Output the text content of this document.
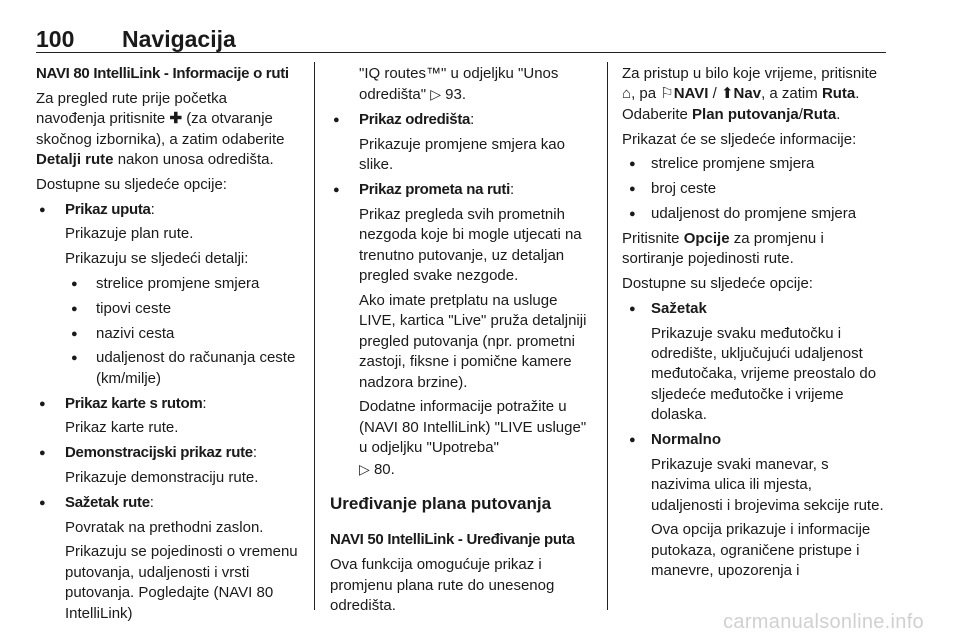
100 Navigacija

NAVI 80 IntelliLink - Informacije o ruti

Za pregled rute prije početka navođenja pritisnite ✚ (za otvaranje skočnog izbornika), a zatim odaberite Detalji rute nakon unosa odredišta.

Dostupne su sljedeće opcije:

● Prikaz uputa:

Prikazuje plan rute.

Prikazuju se sljedeći detalji:

● strelice promjene smjera

● tipovi ceste

● nazivi cesta

● udaljenost do računanja ceste (km/milje)

● Prikaz karte s rutom:

Prikaz karte rute.

● Demonstracijski prikaz rute:

Prikazuje demonstraciju rute.

● Sažetak rute:

Povratak na prethodni zaslon.

Prikazuju se pojedinosti o vremenu putovanja, udaljenosti i vrsti putovanja. Pogledajte (NAVI 80 IntelliLink)

"IQ routes™" u odjeljku "Unos odredišta" ▷ 93.

● Prikaz odredišta:

Prikazuje promjene smjera kao slike.

● Prikaz prometa na ruti:

Prikaz pregleda svih prometnih nezgoda koje bi mogle utjecati na trenutno putovanje, uz detaljan pregled svake nezgode.

Ako imate pretplatu na usluge LIVE, kartica "Live" pruža detaljniji pregled putovanja (npr. prometni zastoji, fiksne i pomične kamere nadzora brzine).

Dodatne informacije potražite u (NAVI 80 IntelliLink) "LIVE usluge" u odjeljku "Upotreba"
▷ 80.

Uređivanje plana putovanja

NAVI 50 IntelliLink - Uređivanje puta

Ova funkcija omogućuje prikaz i promjenu plana rute do unesenog odredišta.

Za pristup u bilo koje vrijeme, pritisnite ⌂, pa ⚐NAVI / ⬆Nav, a zatim Ruta. Odaberite Plan putovanja/Ruta.

Prikazat će se sljedeće informacije:

● strelice promjene smjera

● broj ceste

● udaljenost do promjene smjera

Pritisnite Opcije za promjenu i sortiranje pojedinosti rute.

Dostupne su sljedeće opcije:

● Sažetak

Prikazuje svaku međutočku i odredište, uključujući udaljenost međutočaka, vrijeme preostalo do sljedeće međutočke i vrijeme dolaska.

● Normalno

Prikazuje svaki manevar, s nazivima ulica ili mjesta, udaljenosti i brojevima sekcije rute.

Ova opcija prikazuje i informacije putokaza, ograničene pristupe i manevre, upozorenja i

carmanualsonline.info
